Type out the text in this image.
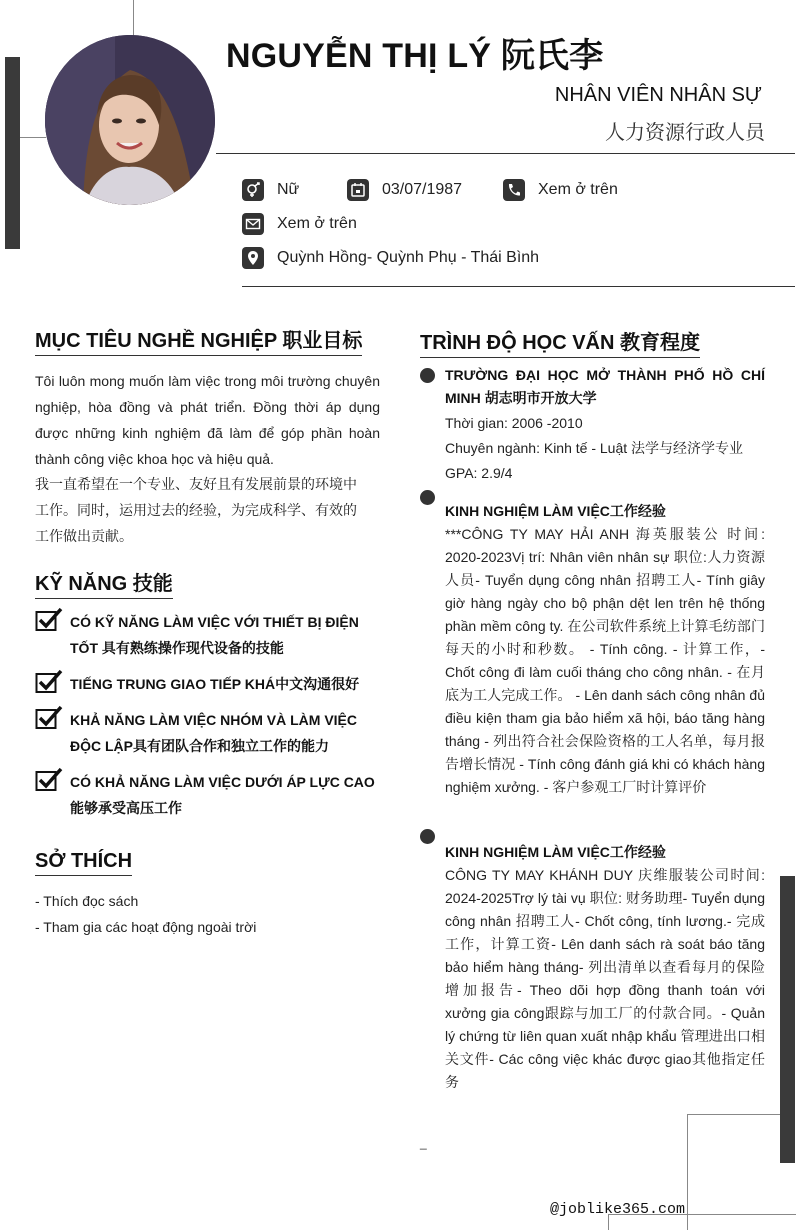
NGUYỄN THỊ LÝ 阮氏李
NHÂN VIÊN NHÂN SỰ
人力资源行政人员
Nữ	03/07/1987	Xem ở trên
Xem ở trên
Quỳnh Hồng- Quỳnh Phụ - Thái Bình
MỤC TIÊU NGHỀ NGHIỆP 职业目标

Tôi luôn mong muốn làm việc trong môi trường chuyên nghiệp, hòa đồng và phát triển. Đồng thời áp dụng được những kinh nghiệm đã làm để góp phần hoàn thành công việc khoa học và hiệu quả.

我一直希望在一个专业、友好且有发展前景的环境中

工作。同时，运用过去的经验，为完成科学、有效的

工作做出贡献。

KỸ NĂNG 技能
CÓ KỸ NĂNG LÀM VIỆC VỚI THIẾT BỊ ĐIỆN TỐT 具有熟练操作现代设备的技能
TIẾNG TRUNG GIAO TIẾP KHÁ中文沟通很好
KHẢ NĂNG LÀM VIỆC NHÓM VÀ LÀM VIỆC ĐỘC LẬP具有团队合作和独立工作的能力
CÓ KHẢ NĂNG LÀM VIỆC DƯỚI ÁP LỰC CAO能够承受高压工作
SỞ THÍCH
- Thích đọc sách
- Tham gia các hoạt động ngoài trời
TRÌNH ĐỘ HỌC VẤN 教育程度
TRƯỜNG ĐẠI HỌC MỞ THÀNH PHỐ HỒ CHÍ MINH 胡志明市开放大学
Thời gian: 2006 -2010
Chuyên ngành: Kinh tế - Luật 法学与经济学专业
GPA: 2.9/4
KINH NGHIỆM LÀM VIỆC工作经验
***CÔNG TY MAY HẢI ANH 海英服装公 时间: 2020-2023Vị trí: Nhân viên nhân sự 职位:人力资源人员- Tuyển dụng công nhân 招聘工人- Tính giây giờ hàng ngày cho bộ phận dệt len trên hệ thống phần mềm công ty. 在公司软件系统上计算毛纺部门每天的小时和秒数。 - Tính công. - 计算工作，- Chốt công đi làm cuối tháng cho công nhân. - 在月底为工人完成工作。 - Lên danh sách công nhân đủ điều kiện tham gia bảo hiểm xã hội, báo tăng hàng tháng - 列出符合社会保险资格的工人名单，每月报告增长情况 - Tính công đánh giá khi có khách hàng nghiệm xưởng. - 客户参观工厂时计算评价
KINH NGHIỆM LÀM VIỆC工作经验
CÔNG TY MAY KHÁNH DUY 庆维服装公司时间: 2024-2025Trợ lý tài vụ 职位: 财务助理- Tuyển dụng công nhân 招聘工人- Chốt công, tính lương.- 完成工作，计算工资- Lên danh sách rà soát báo tăng bảo hiểm hàng tháng- 列出清单以查看每月的保险增加报告- Theo dõi hợp đồng thanh toán với xưởng gia công跟踪与加工厂的付款合同。- Quản lý chứng từ liên quan xuất nhập khẩu 管理进出口相关文件- Các công việc khác được giao其他指定任务
_
@joblike365.com
